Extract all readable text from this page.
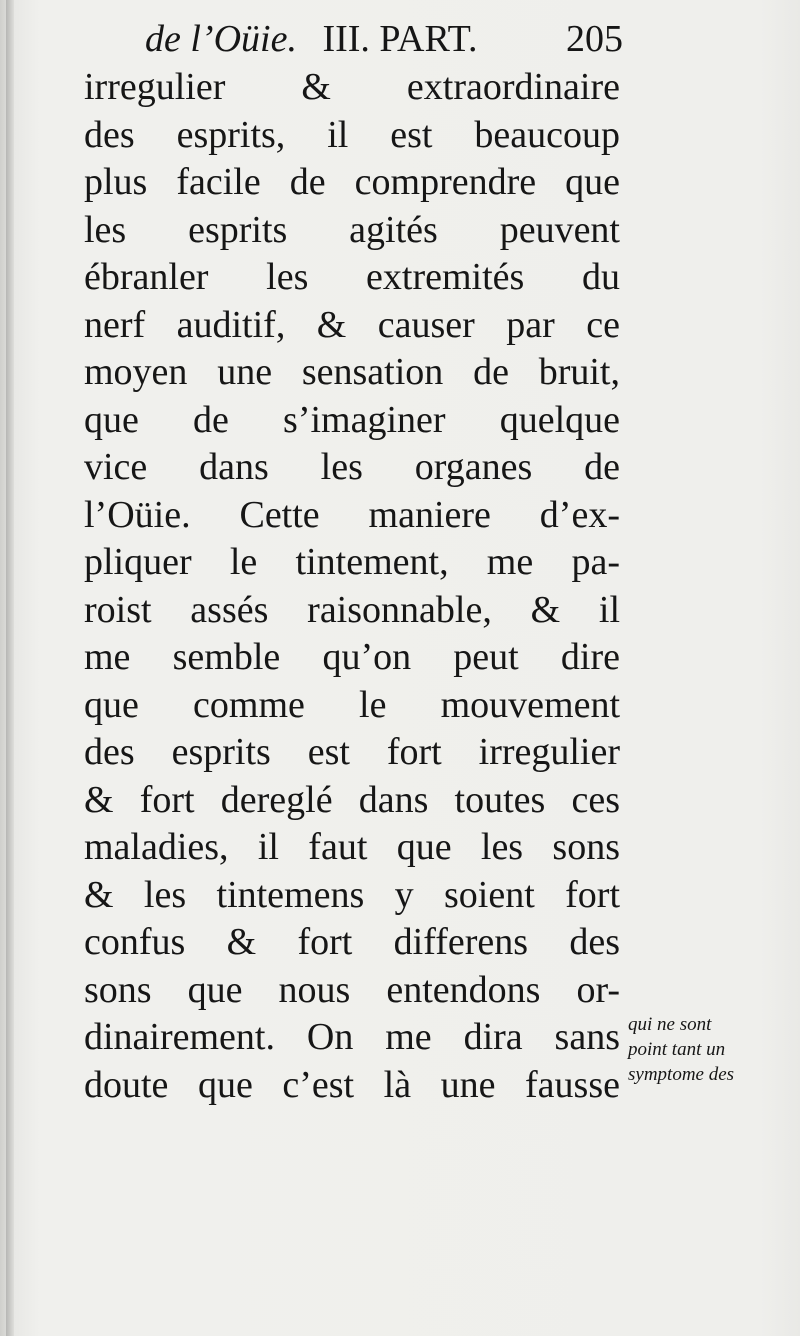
de l’Oüie. III. PART. 205
irregulier & extraordinaire
des esprits, il est beaucoup
plus facile de comprendre que
les esprits agités peuvent
ébranler les extremités du
nerf auditif, & causer par ce
moyen une sensation de bruit,
que de s’imaginer quelque
vice dans les organes de
l’Oüie. Cette maniere d’ex-
pliquer le tintement, me pa-
roist assés raisonnable, & il
me semble qu’on peut dire
que comme le mouvement
des esprits est fort irregulier
& fort dereglé dans toutes ces
maladies, il faut que les sons
& les tintemens y soient fort
confus & fort differens des
sons que nous entendons or-
dinairement. On me dira sans
doute que c’est là une fausse
qui ne sont
point tant un
symptome des
